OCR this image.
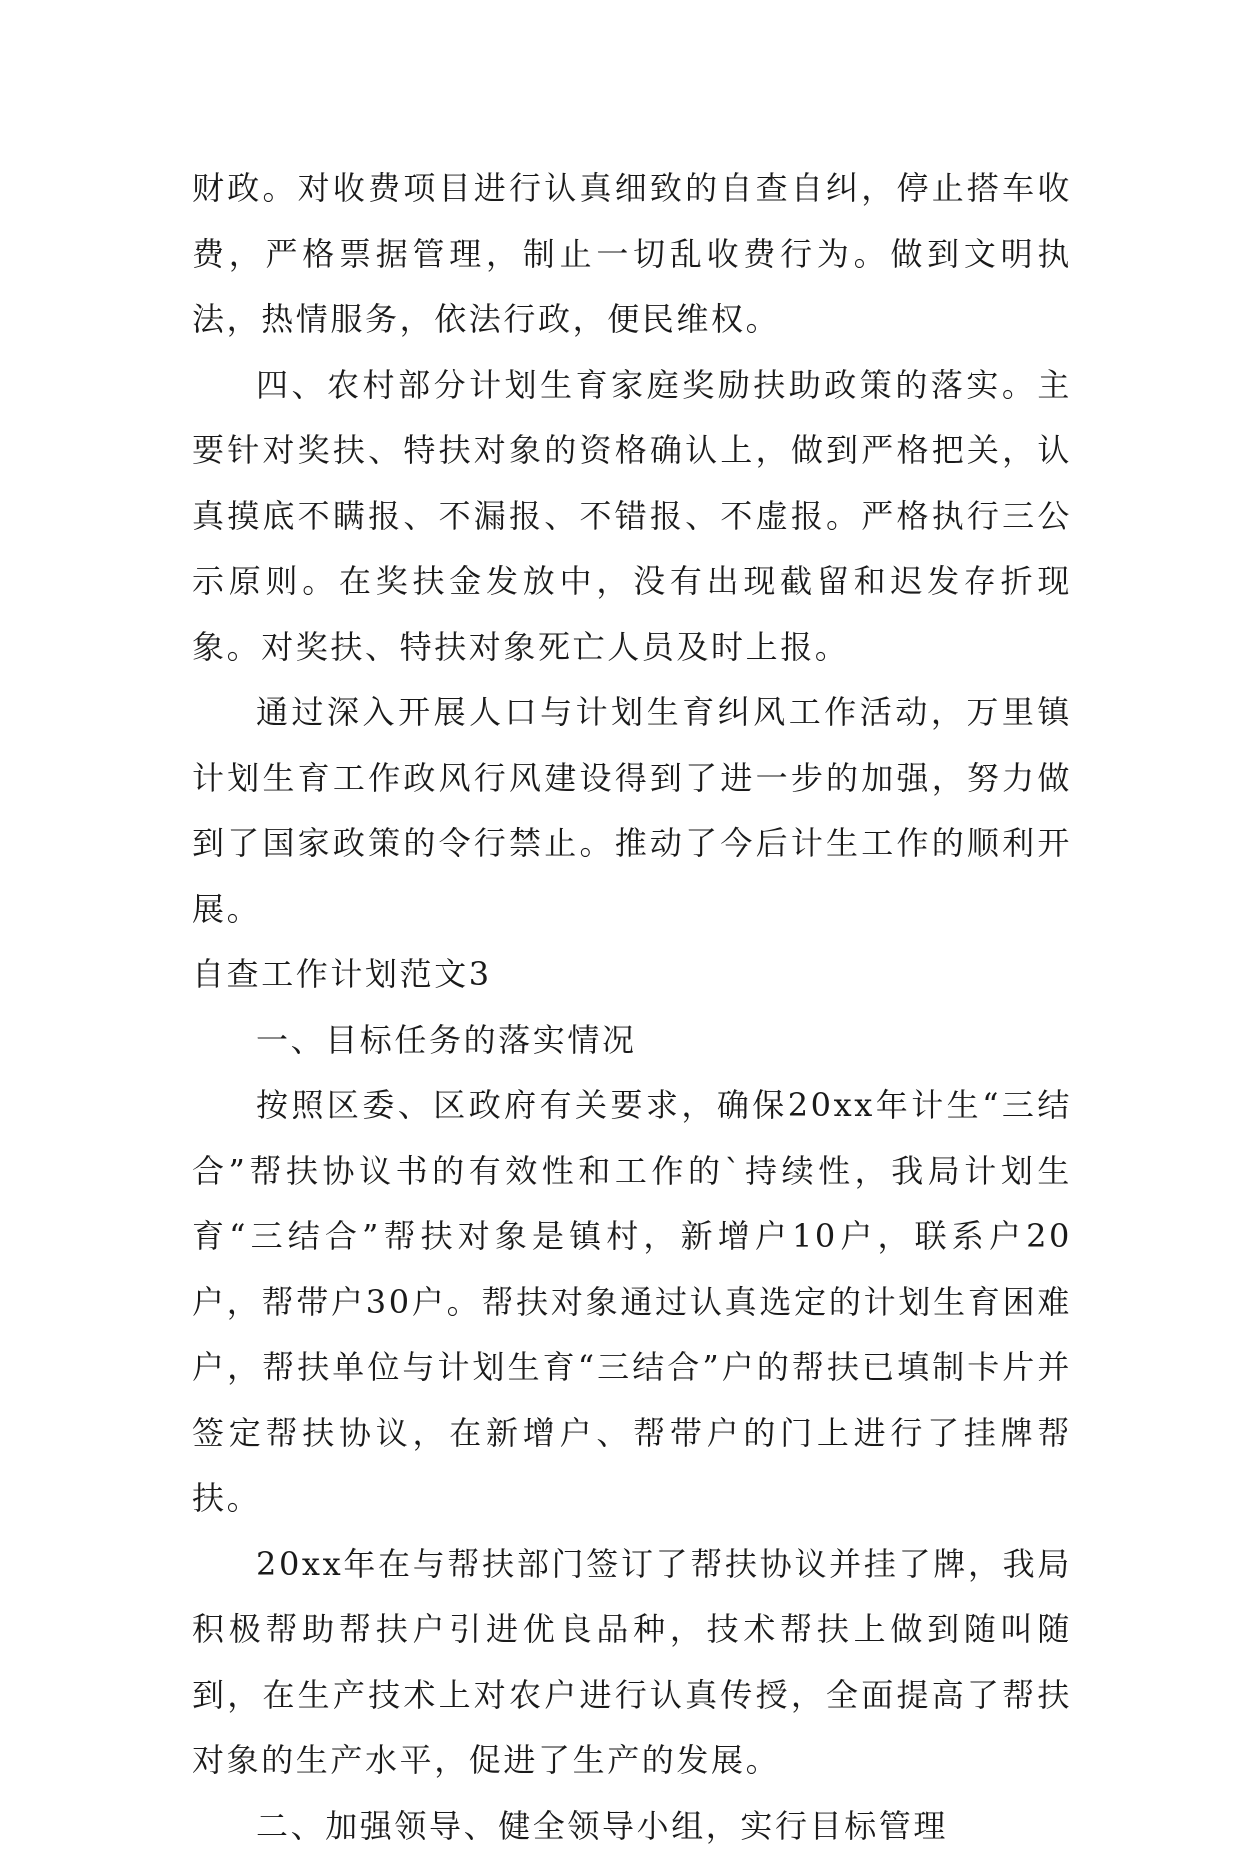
财政。对收费项目进行认真细致的自查自纠，停止搭车收费，严格票据管理，制止一切乱收费行为。做到文明执法，热情服务，依法行政，便民维权。

四、农村部分计划生育家庭奖励扶助政策的落实。主要针对奖扶、特扶对象的资格确认上，做到严格把关，认真摸底不瞒报、不漏报、不错报、不虚报。严格执行三公示原则。在奖扶金发放中，没有出现截留和迟发存折现象。对奖扶、特扶对象死亡人员及时上报。

通过深入开展人口与计划生育纠风工作活动，万里镇计划生育工作政风行风建设得到了进一步的加强，努力做到了国家政策的令行禁止。推动了今后计生工作的顺利开展。

自查工作计划范文3

一、目标任务的落实情况

按照区委、区政府有关要求，确保20xx年计生“三结合”帮扶协议书的有效性和工作的`持续性，我局计划生育“三结合”帮扶对象是镇村，新增户10户，联系户20户，帮带户30户。帮扶对象通过认真选定的计划生育困难户，帮扶单位与计划生育“三结合”户的帮扶已填制卡片并签定帮扶协议，在新增户、帮带户的门上进行了挂牌帮扶。

20xx年在与帮扶部门签订了帮扶协议并挂了牌，我局积极帮助帮扶户引进优良品种，技术帮扶上做到随叫随到，在生产技术上对农户进行认真传授，全面提高了帮扶对象的生产水平，促进了生产的发展。

二、加强领导、健全领导小组，实行目标管理
